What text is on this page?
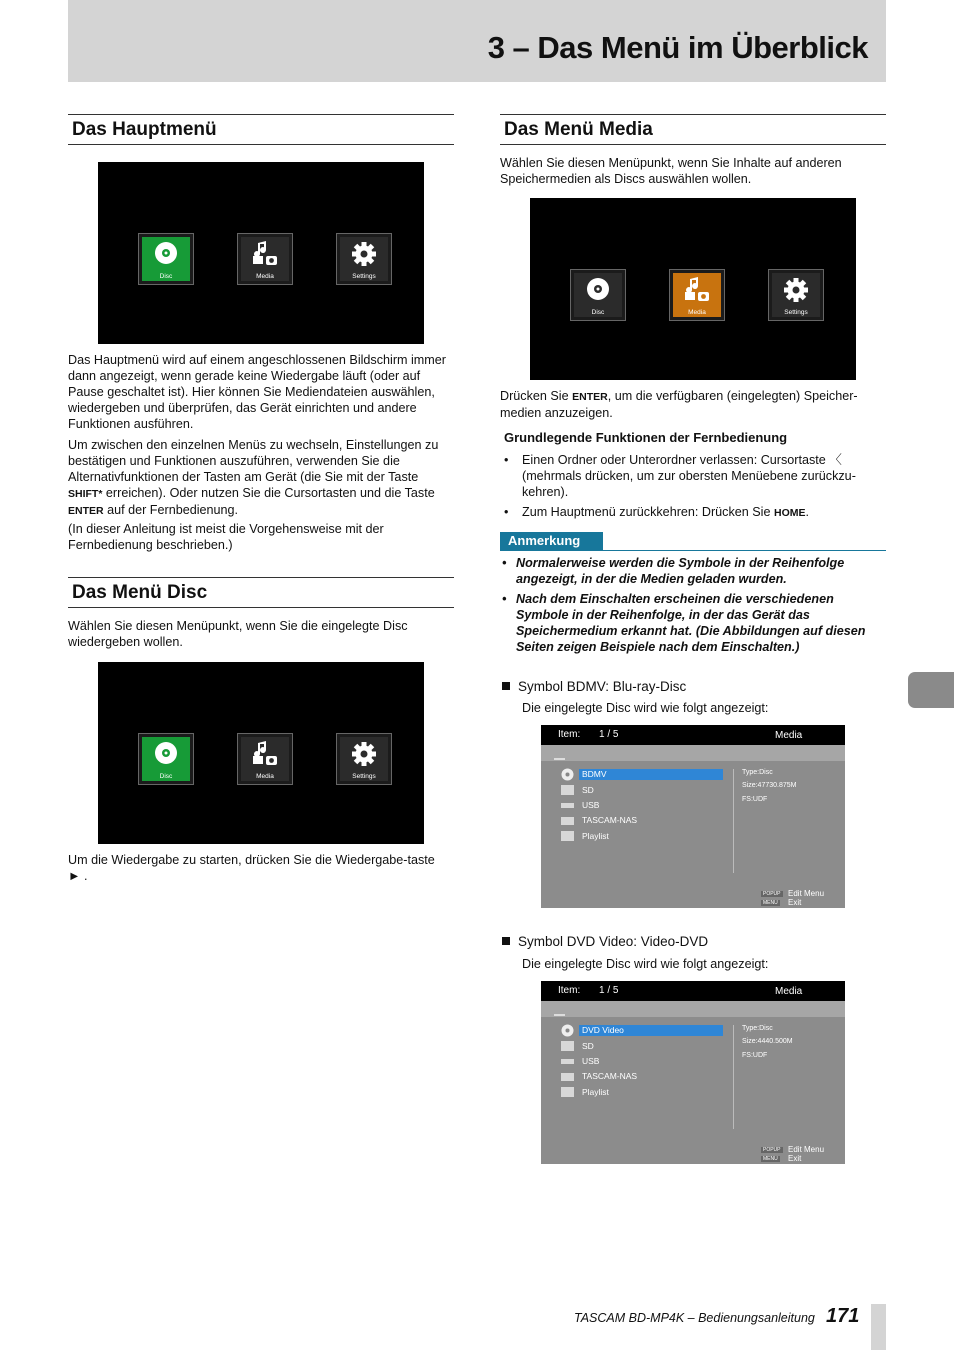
3 – Das Menü im Überblick
Das Hauptmenü
Disc	Media	Settings
Das Hauptmenü wird auf einem angeschlossenen Bildschirm immer dann angezeigt, wenn gerade keine Wiedergabe läuft (oder auf Pause geschaltet ist). Hier können Sie Mediendateien auswählen, wiedergeben und überprüfen, das Gerät einrichten und andere Funktionen ausführen.
Um zwischen den einzelnen Menüs zu wechseln, Einstellungen zu bestätigen und Funktionen auszuführen, verwenden Sie die Alternativfunktionen der Tasten am Gerät (die Sie mit der Taste SHIFT* erreichen). Oder nutzen Sie die Cursortasten und die Taste ENTER auf der Fernbedienung.
(In dieser Anleitung ist meist die Vorgehensweise mit der Fernbedienung beschrieben.)
Das Menü Disc
Wählen Sie diesen Menüpunkt, wenn Sie die eingelegte Disc wiedergeben wollen.
Disc	Media	Settings
Um die Wiedergabe zu starten, drücken Sie die Wiedergabe-taste ► .
Das Menü Media
Wählen Sie diesen Menüpunkt, wenn Sie Inhalte auf anderen Speichermedien als Discs auswählen wollen.
Disc	Media	Settings
Drücken Sie ENTER, um die verfügbaren (eingelegten) Speicher-medien anzuzeigen.
Grundlegende Funktionen der Fernbedienung
• Einen Ordner oder Unterordner verlassen: Cursortaste 〈 (mehrmals drücken, um zur obersten Menüebene zurückzu-kehren).
• Zum Hauptmenü zurückkehren: Drücken Sie HOME.
Anmerkung
• Normalerweise werden die Symbole in der Reihenfolge angezeigt, in der die Medien geladen wurden.
• Nach dem Einschalten erscheinen die verschiedenen Symbole in der Reihenfolge, in der das Gerät das Speichermedium erkannt hat. (Die Abbildungen auf diesen Seiten zeigen Beispiele nach dem Einschalten.)
Symbol BDMV: Blu-ray-Disc
Die eingelegte Disc wird wie folgt angezeigt:
Item: 1 / 5	Media
BDMV
SD
USB
TASCAM-NAS
Playlist
Type:Disc
Size:47730.875M
FS:UDF
POPUP Edit Menu
MENU Exit
Symbol DVD Video: Video-DVD
Die eingelegte Disc wird wie folgt angezeigt:
Item: 1 / 5	Media
DVD Video
SD
USB
TASCAM-NAS
Playlist
Type:Disc
Size:4440.500M
FS:UDF
POPUP Edit Menu
MENU Exit
TASCAM BD-MP4K – Bedienungsanleitung 171
